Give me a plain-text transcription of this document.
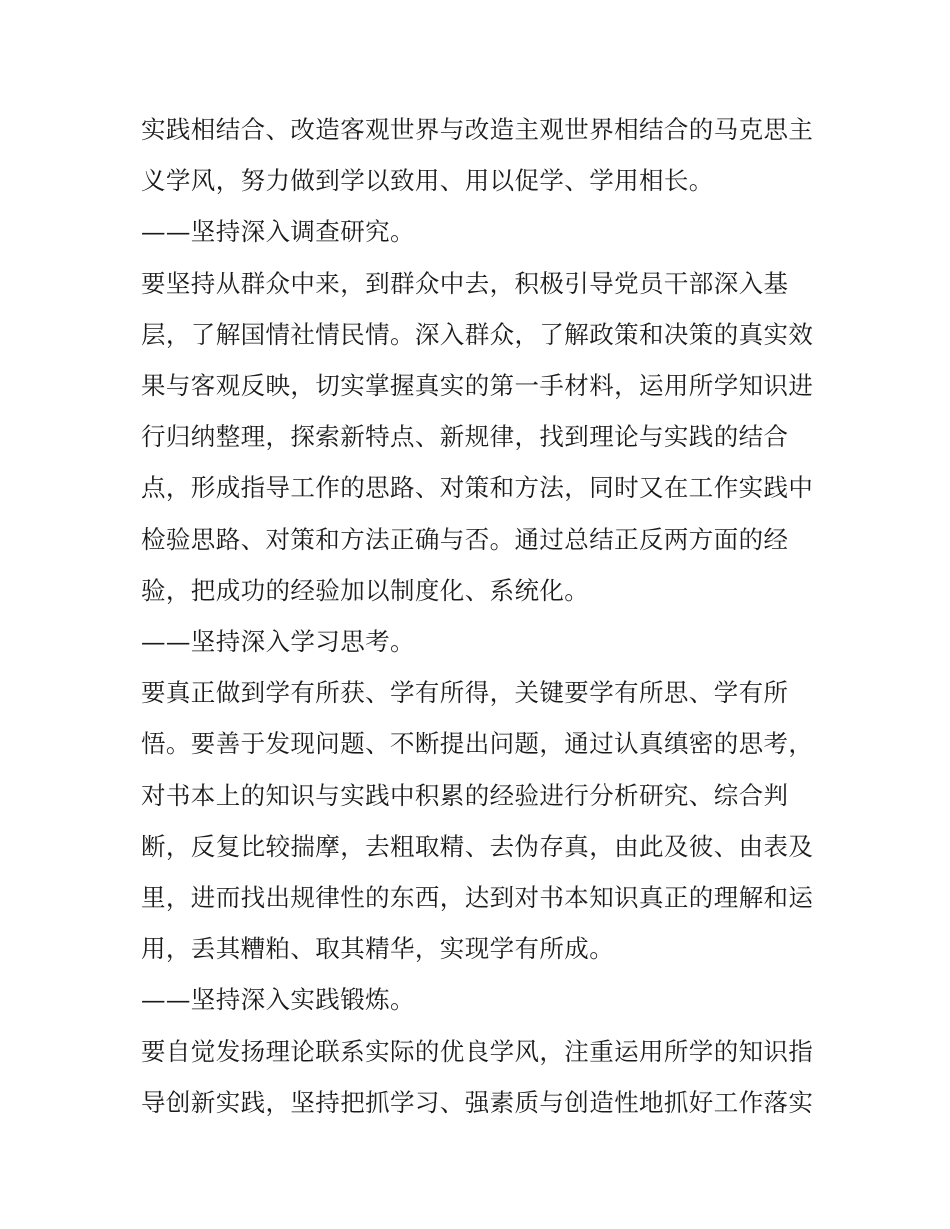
实践相结合、改造客观世界与改造主观世界相结合的马克思主义学风，努力做到学以致用、用以促学、学用相长。

——坚持深入调查研究。

要坚持从群众中来，到群众中去，积极引导党员干部深入基层，了解国情社情民情。深入群众，了解政策和决策的真实效果与客观反映，切实掌握真实的第一手材料，运用所学知识进行归纳整理，探索新特点、新规律，找到理论与实践的结合点，形成指导工作的思路、对策和方法，同时又在工作实践中检验思路、对策和方法正确与否。通过总结正反两方面的经验，把成功的经验加以制度化、系统化。

——坚持深入学习思考。

要真正做到学有所获、学有所得，关键要学有所思、学有所悟。要善于发现问题、不断提出问题，通过认真缜密的思考，对书本上的知识与实践中积累的经验进行分析研究、综合判断，反复比较揣摩，去粗取精、去伪存真，由此及彼、由表及里，进而找出规律性的东西，达到对书本知识真正的理解和运用，丢其糟粕、取其精华，实现学有所成。

——坚持深入实践锻炼。

要自觉发扬理论联系实际的优良学风，注重运用所学的知识指导创新实践，坚持把抓学习、强素质与创造性地抓好工作落实
